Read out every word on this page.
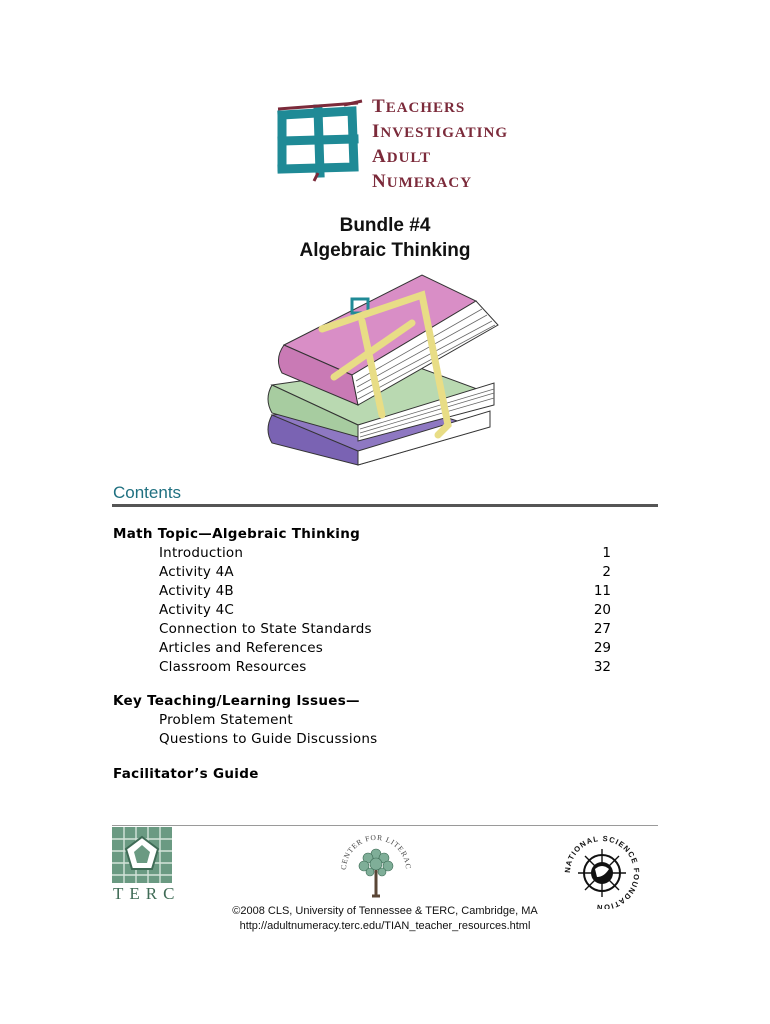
TEACHERS
INVESTIGATING
ADULT
NUMERACY
Bundle #4
Algebraic Thinking
Contents
Math Topic—Algebraic Thinking
Introduction	1
Activity 4A	2
Activity 4B	11
Activity 4C	20
Connection to State Standards	27
Articles and References	29
Classroom Resources	32
Key Teaching/Learning Issues—
Problem Statement
Questions to Guide Discussions
Facilitator’s Guide
TERC
CENTER FOR LITERAC	NATIONAL SCIENCE FOUNDATION
©2008 CLS, University of Tennessee & TERC, Cambridge, MA
http://adultnumeracy.terc.edu/TIAN_teacher_resources.html
